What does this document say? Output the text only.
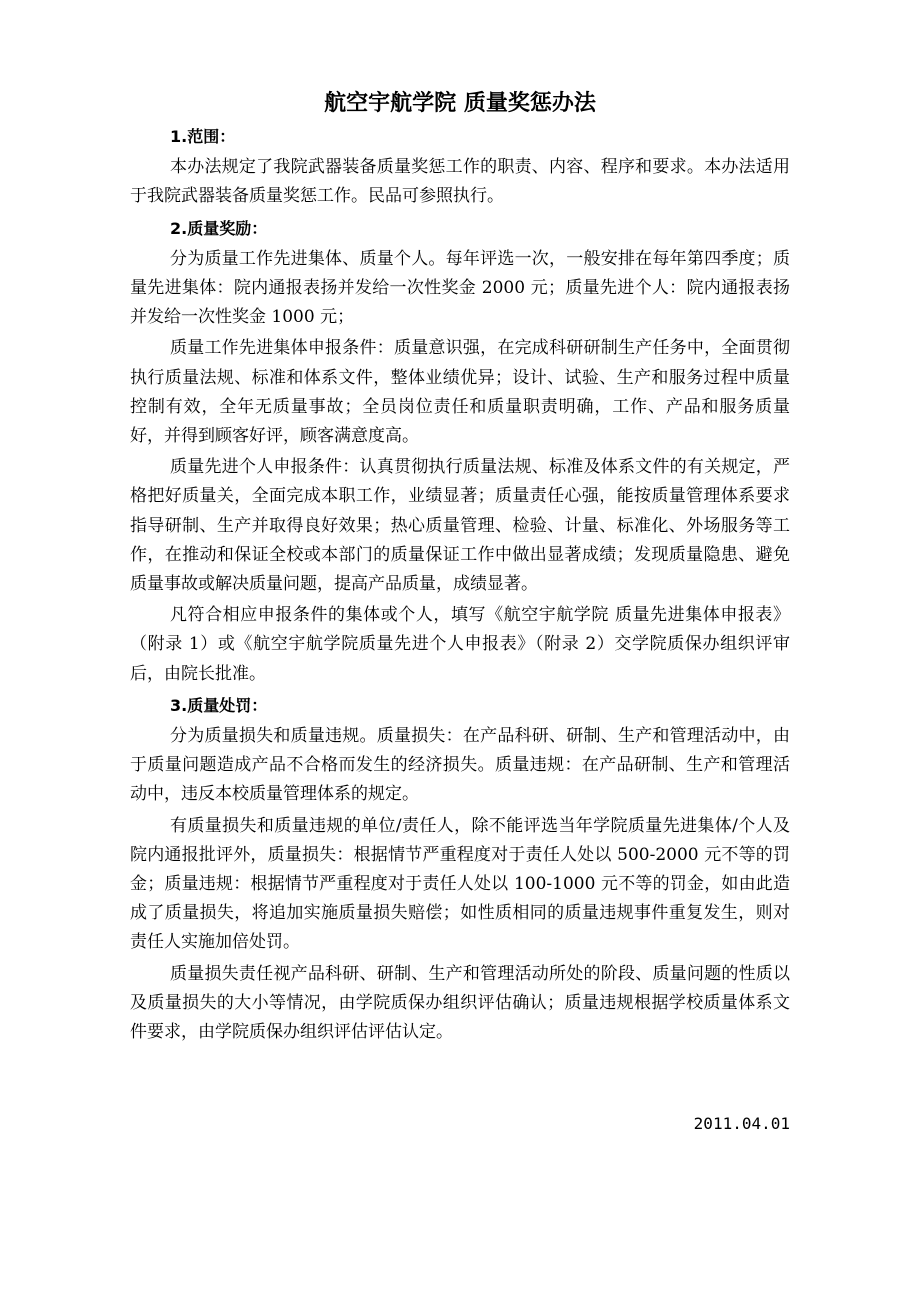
航空宇航学院 质量奖惩办法

1.范围：

本办法规定了我院武器装备质量奖惩工作的职责、内容、程序和要求。本办法适用于我院武器装备质量奖惩工作。民品可参照执行。

2.质量奖励：

分为质量工作先进集体、质量个人。每年评选一次，一般安排在每年第四季度；质量先进集体：院内通报表扬并发给一次性奖金 2000 元；质量先进个人：院内通报表扬并发给一次性奖金 1000 元；

质量工作先进集体申报条件：质量意识强，在完成科研研制生产任务中，全面贯彻执行质量法规、标准和体系文件，整体业绩优异；设计、试验、生产和服务过程中质量控制有效，全年无质量事故；全员岗位责任和质量职责明确，工作、产品和服务质量好，并得到顾客好评，顾客满意度高。

质量先进个人申报条件：认真贯彻执行质量法规、标准及体系文件的有关规定，严格把好质量关，全面完成本职工作，业绩显著；质量责任心强，能按质量管理体系要求指导研制、生产并取得良好效果；热心质量管理、检验、计量、标准化、外场服务等工作，在推动和保证全校或本部门的质量保证工作中做出显著成绩；发现质量隐患、避免质量事故或解决质量问题，提高产品质量，成绩显著。

凡符合相应申报条件的集体或个人，填写《航空宇航学院 质量先进集体申报表》（附录 1）或《航空宇航学院质量先进个人申报表》（附录 2）交学院质保办组织评审后，由院长批准。

3.质量处罚：

分为质量损失和质量违规。质量损失：在产品科研、研制、生产和管理活动中，由于质量问题造成产品不合格而发生的经济损失。质量违规：在产品研制、生产和管理活动中，违反本校质量管理体系的规定。

有质量损失和质量违规的单位/责任人，除不能评选当年学院质量先进集体/个人及院内通报批评外，质量损失：根据情节严重程度对于责任人处以 500-2000 元不等的罚金；质量违规：根据情节严重程度对于责任人处以 100-1000 元不等的罚金，如由此造成了质量损失，将追加实施质量损失赔偿；如性质相同的质量违规事件重复发生，则对责任人实施加倍处罚。

质量损失责任视产品科研、研制、生产和管理活动所处的阶段、质量问题的性质以及质量损失的大小等情况，由学院质保办组织评估确认；质量违规根据学校质量体系文件要求，由学院质保办组织评估评估认定。

2011.04.01
